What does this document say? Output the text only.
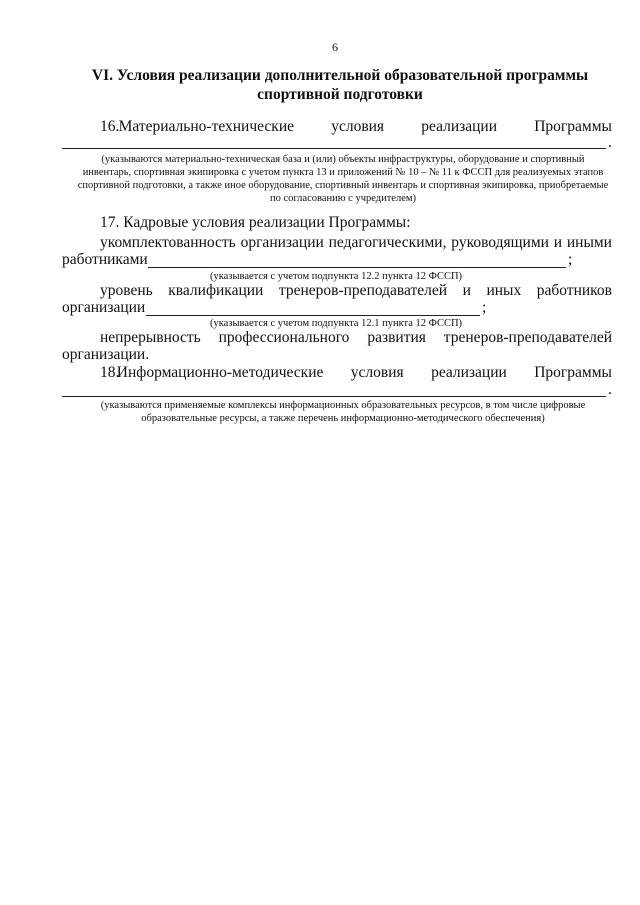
6
VI. Условия реализации дополнительной образовательной программы
спортивной подготовки
16. Материально-технические условия реализации Программы
.
(указываются материально-техническая база и (или) объекты инфраструктуры, оборудование и спортивный
инвентарь, спортивная экипировка с учетом пункта 13 и приложений № 10 – № 11 к ФССП для реализуемых этапов
спортивной подготовки, а также иное оборудование, спортивный инвентарь и спортивная экипировка, приобретаемые
по согласованию с учредителем)
17. Кадровые условия реализации Программы:
укомплектованность организации педагогическими, руководящими и иными
работниками	;
(указывается с учетом подпункта 12.2 пункта 12 ФССП)
уровень квалификации тренеров-преподавателей и иных работников
организации	;
(указывается с учетом подпункта 12.1 пункта 12 ФССП)
непрерывность профессионального развития тренеров-преподавателей
организации.
18.
Информационно-методические условия реализации Программы
.
(указываются применяемые комплексы информационных образовательных ресурсов, в том числе цифровые
образовательные ресурсы, а также перечень информационно-методического обеспечения)
